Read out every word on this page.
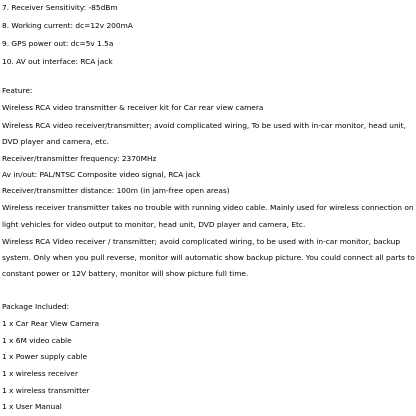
7. Receiver Sensitivity: -85dBm
8. Working current: dc=12v 200mA
9. GPS power out: dc=5v 1.5a
10. AV out interface: RCA jack
Feature:
Wireless RCA video transmitter & receiver kit for Car rear view camera
Wireless RCA video receiver/transmitter; avoid complicated wiring, To be used with in-car monitor, head unit,
DVD player and camera, etc.
Receiver/transmitter frequency: 2370MHz
Av in/out: PAL/NTSC Composite video signal, RCA jack
Receiver/transmitter distance: 100m (in jam-free open areas)
Wireless receiver transmitter takes no trouble with running video cable. Mainly used for wireless connection on
light vehicles for video output to monitor, head unit, DVD player and camera, Etc.
Wireless RCA Video receiver / transmitter; avoid complicated wiring, to be used with in-car monitor, backup
system. Only when you pull reverse, monitor will automatic show backup picture. You could connect all parts to
constant power or 12V battery, monitor will show picture full time.
Package Included:
1 x Car Rear View Camera
1 x 6M video cable
1 x Power supply cable
1 x wireless receiver
1 x wireless transmitter
1 x User Manual
